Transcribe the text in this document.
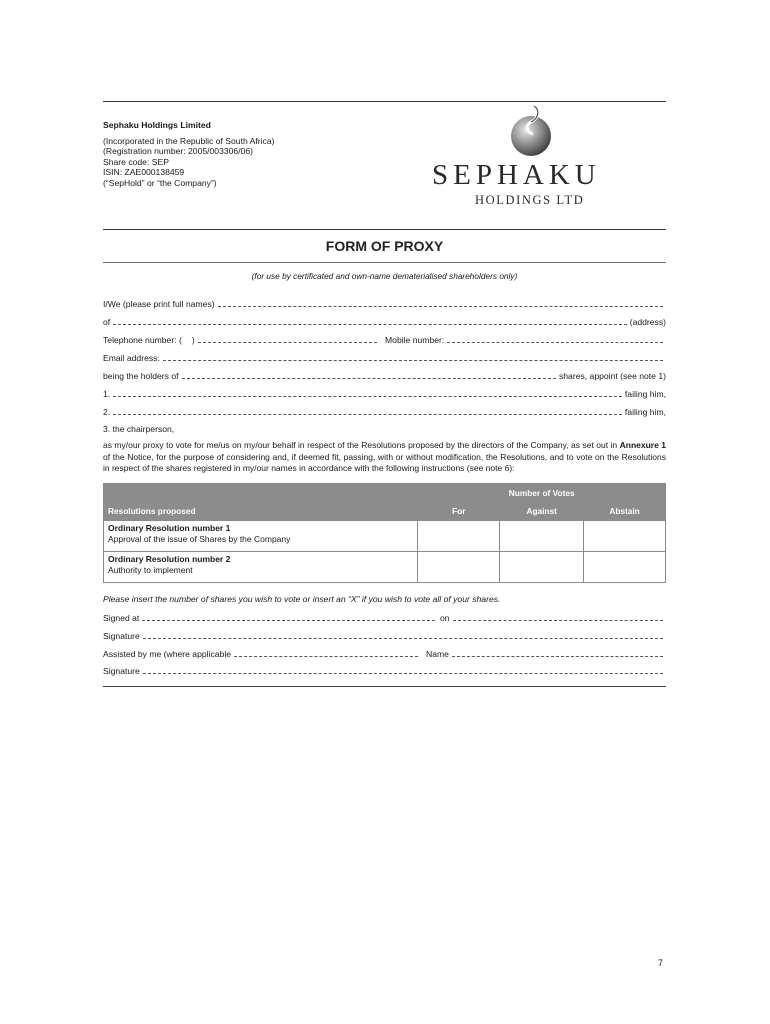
Sephaku Holdings Limited
(Incorporated in the Republic of South Africa)
(Registration number: 2005/003306/06)
Share code: SEP
ISIN: ZAE000138459
(“SepHold” or “the Company”)	SEPHAKU
HOLDINGS LTD
FORM OF PROXY
(for use by certificated and own-name dematerialised shareholders only)
I/We (please print full names)
of	(address)
Telephone number: ( )	Mobile number:
Email address:
being the holders of	shares, appoint (see note 1)
1.	failing him,
2.	failing him,
3. the chairperson,
as my/our proxy to vote for me/us on my/our behalf in respect of the Resolutions proposed by the directors of the Company, as set out in Annexure 1 of the Notice, for the purpose of considering and, if deemed fit, passing, with or without modification, the Resolutions, and to vote on the Resolutions in respect of the shares registered in my/our names in accordance with the following instructions (see note 6):
	Number of Votes		
Resolutions proposed	For	Against	Abstain

Ordinary Resolution number 1
Approval of the issue of Shares by the Company			

Ordinary Resolution number 2
Authority to implement			

Please insert the number of shares you wish to vote or insert an “X” if you wish to vote all of your shares.
Signed at	on
Signature
Assisted by me (where applicable	Name
Signature
7
